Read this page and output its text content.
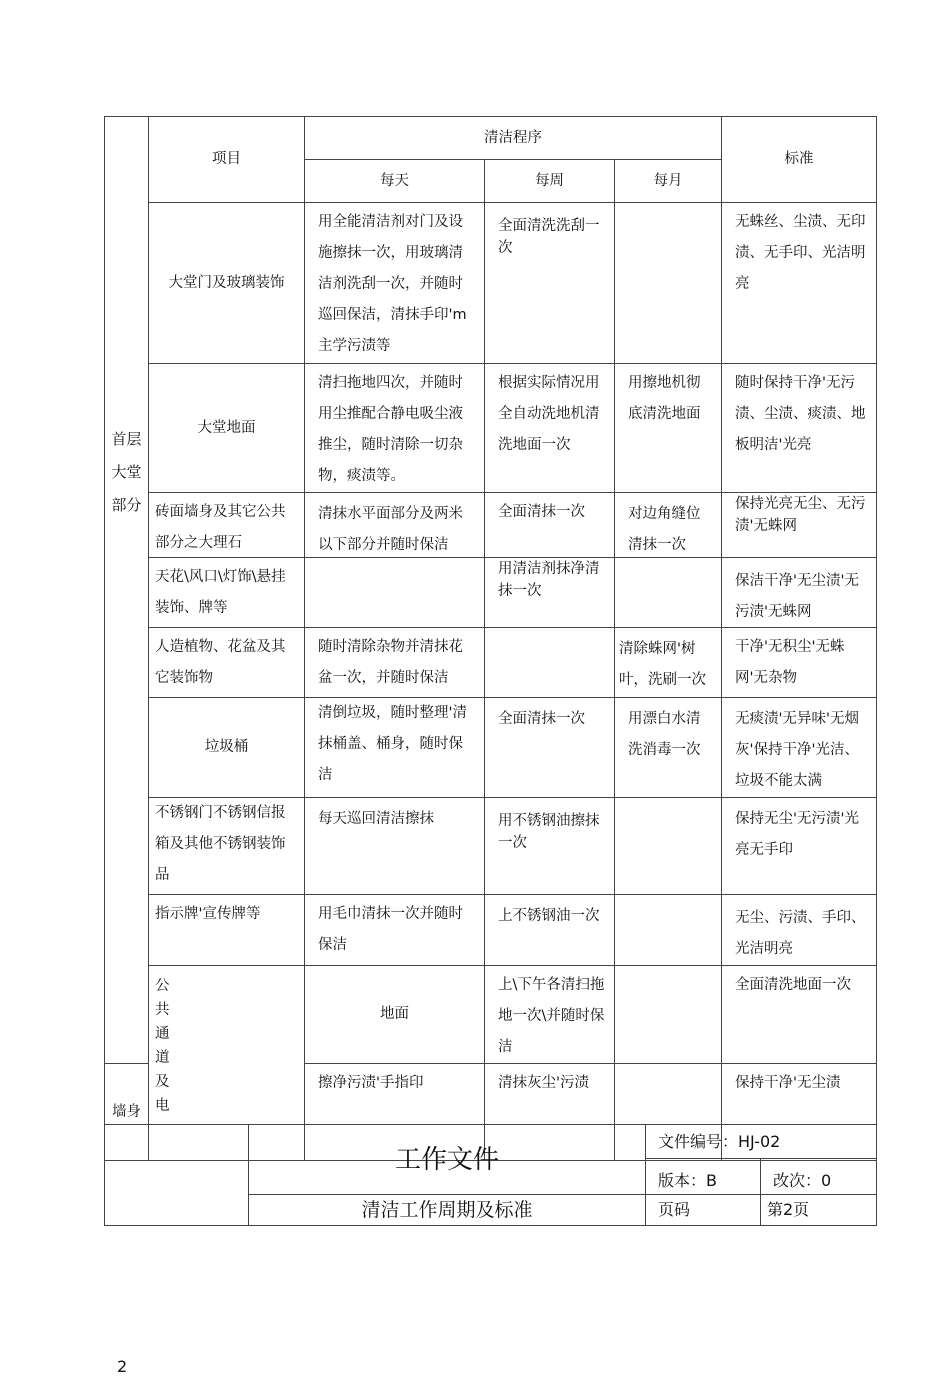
首层大堂部分	项目	清洁程序			标准	
		每天	每周	每月		
	大堂门及玻璃装饰	用全能清洁剂对门及设施擦抹一次，用玻璃清洁剂洗刮一次，并随时巡回保洁，清抹手印'm主学污渍等	全面清洗洗刮一次		无蛛丝、尘渍、无印渍、无手印、光洁明亮	

	大堂地面	清扫拖地四次，并随时用尘推配合静电吸尘液推尘，随时清除一切杂物，痰渍等。	根据实际情况用全自动洗地机清洗地面一次	用擦地机彻底清洗地面	随时保持干净'无污渍、尘渍、痰渍、地板明洁'光亮	

	砖面墙身及其它公共部分之大理石	清抹水平面部分及两米以下部分并随时保洁	全面清抹一次	对边角缝位清抹一次	保持光亮无尘、无污渍'无蛛网	

	天花\风口\灯饰\悬挂装饰、牌等		用清洁剂抹净清抹一次		保洁干净'无尘渍'无污渍'无蛛网	

	人造植物、花盆及其它装饰物	随时清除杂物并清抹花盆一次，并随时保洁		清除蛛网'树叶，洗刷一次	干净'无积尘'无蛛网'无杂物	

	垃圾桶	清倒垃圾，随时整理'清抹桶盖、桶身，随时保洁	全面清抹一次	用漂白水清洗消毒一次	无痰渍'无异味'无烟灰'保持干净'光洁、垃圾不能太满	

	不锈钢门不锈钢信报箱及其他不锈钢装饰品	每天巡回清洁擦抹	用不锈钢油擦抹一次		保持无尘'无污渍'光亮无手印	

	指示牌'宣传牌等	用毛巾清抹一次并随时保洁	上不锈钢油一次		无尘、污渍、手印、光洁明亮	

	公共通道及电	地面	上\下午各清扫拖地一次\并随时保洁		全面清洗地面一次

墙身		擦净污渍'手指印	清抹灰尘'污渍		保持干净'无尘渍	
	工作文件	文件编号：HJ-02	
		版本：B	改次：0
	清洁工作周期及标准	页码	第2页
2
